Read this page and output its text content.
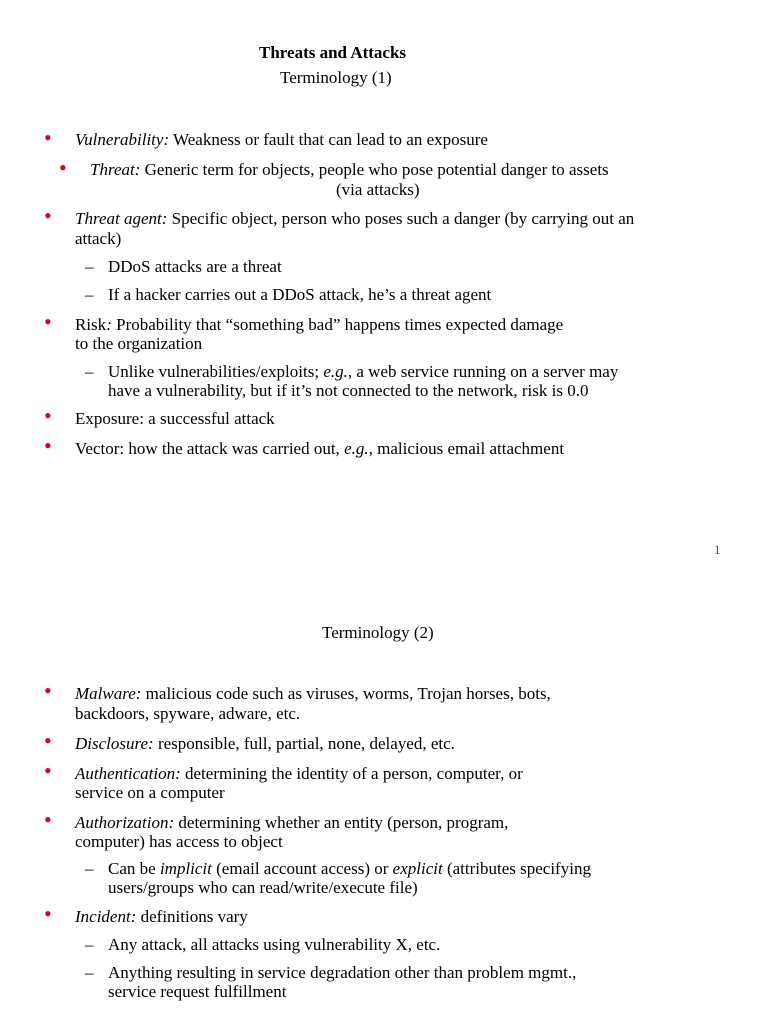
Threats and Attacks
Terminology (1)
• Vulnerability: Weakness or fault that can lead to an exposure
• Threat: Generic term for objects, people who pose potential danger to assets
(via attacks)
• Threat agent: Specific object, person who poses such a danger (by carrying out an
attack)
– DDoS attacks are a threat
– If a hacker carries out a DDoS attack, he’s a threat agent
• Risk: Probability that “something bad” happens times expected damage
to the organization
– Unlike vulnerabilities/exploits; e.g., a web service running on a server may
have a vulnerability, but if it’s not connected to the network, risk is 0.0
• Exposure: a successful attack
• Vector: how the attack was carried out, e.g., malicious email attachment
1
Terminology (2)
• Malware: malicious code such as viruses, worms, Trojan horses, bots,
backdoors, spyware, adware, etc.
• Disclosure: responsible, full, partial, none, delayed, etc.
• Authentication: determining the identity of a person, computer, or
service on a computer
• Authorization: determining whether an entity (person, program,
computer) has access to object
– Can be implicit (email account access) or explicit (attributes specifying
users/groups who can read/write/execute file)
• Incident: definitions vary
– Any attack, all attacks using vulnerability X, etc.
– Anything resulting in service degradation other than problem mgmt.,
service request fulfillment
